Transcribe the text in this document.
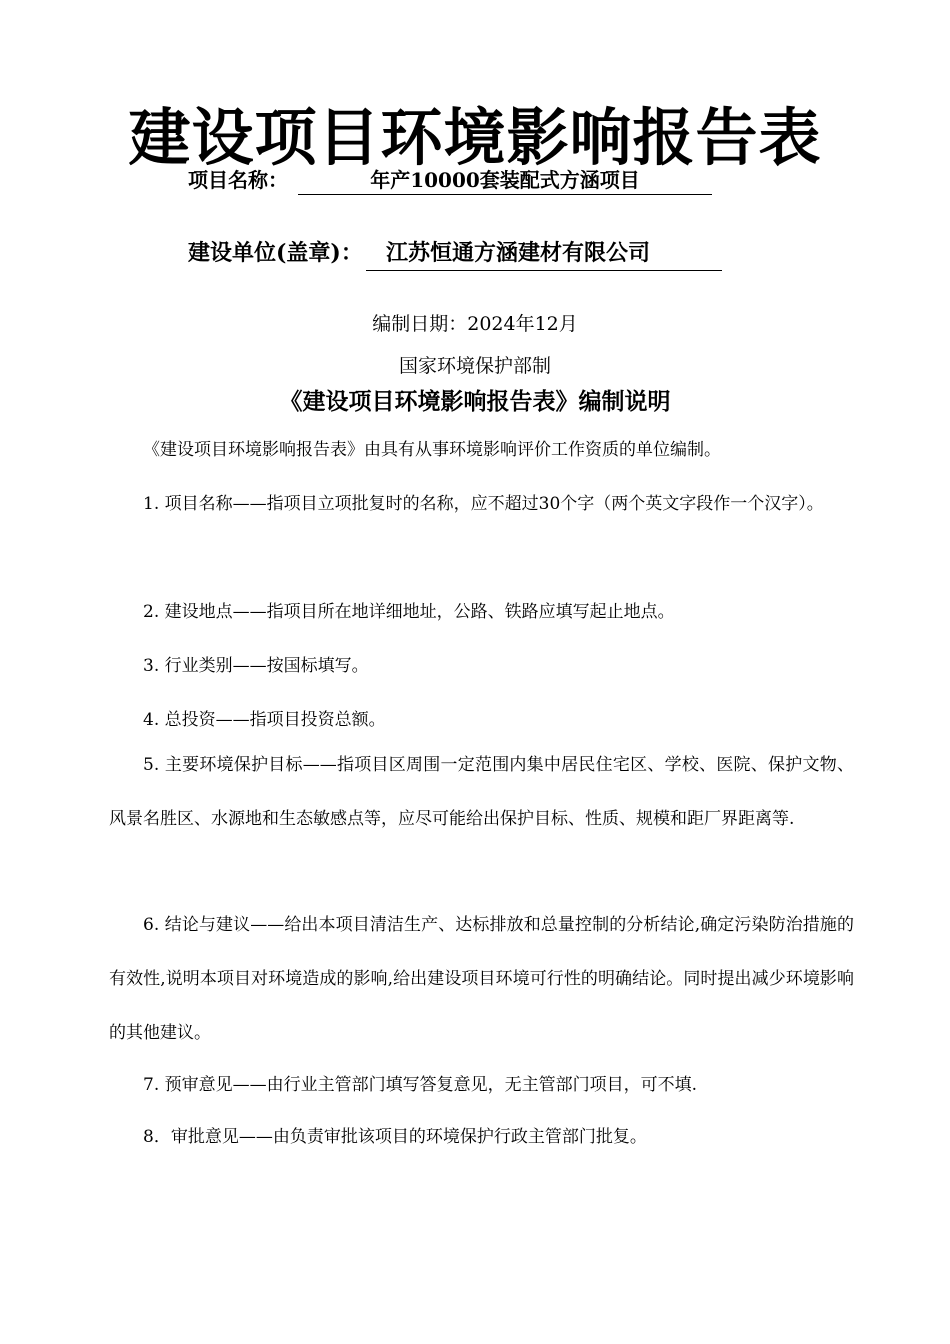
建设项目环境影响报告表
项目名称：	年产10000套装配式方涵项目
建设单位(盖章)：	江苏恒通方涵建材有限公司
编制日期：2024年12月
国家环境保护部制
《建设项目环境影响报告表》编制说明
《建设项目环境影响报告表》由具有从事环境影响评价工作资质的单位编制。
1. 项目名称——指项目立项批复时的名称，应不超过30个字（两个英文字段作一个汉字）。
2. 建设地点——指项目所在地详细地址，公路、铁路应填写起止地点。
3. 行业类别——按国标填写。
4. 总投资——指项目投资总额。
5. 主要环境保护目标——指项目区周围一定范围内集中居民住宅区、学校、医院、保护文物、风景名胜区、水源地和生态敏感点等，应尽可能给出保护目标、性质、规模和距厂界距离等.
6. 结论与建议——给出本项目清洁生产、达标排放和总量控制的分析结论,确定污染防治措施的有效性,说明本项目对环境造成的影响,给出建设项目环境可行性的明确结论。同时提出减少环境影响的其他建议。
7. 预审意见——由行业主管部门填写答复意见，无主管部门项目，可不填.
8．审批意见——由负责审批该项目的环境保护行政主管部门批复。
